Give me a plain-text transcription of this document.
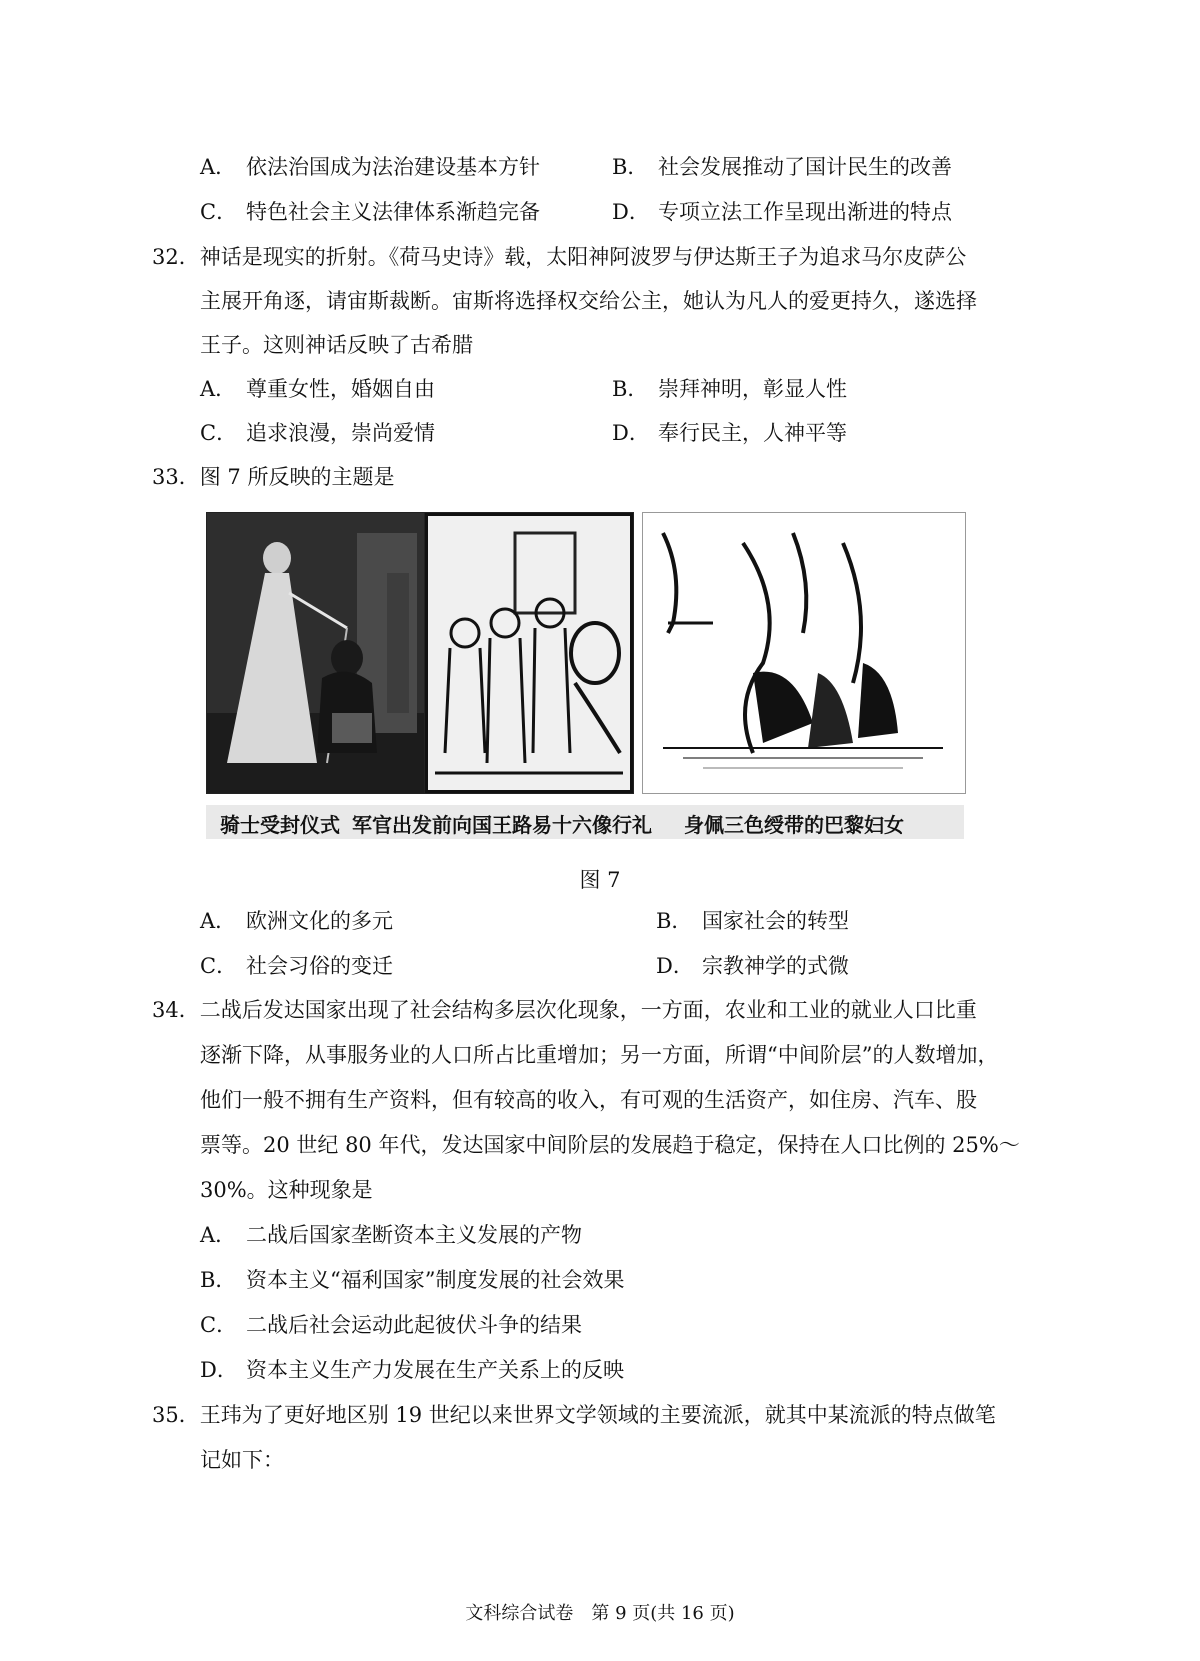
A． 依法治国成为法治建设基本方针	B． 社会发展推动了国计民生的改善
C． 特色社会主义法律体系渐趋完备	D． 专项立法工作呈现出渐进的特点
32．神话是现实的折射。《荷马史诗》载，太阳神阿波罗与伊达斯王子为追求马尔皮萨公
主展开角逐，请宙斯裁断。宙斯将选择权交给公主，她认为凡人的爱更持久，遂选择
王子。这则神话反映了古希腊
A． 尊重女性，婚姻自由	B． 崇拜神明，彰显人性
C． 追求浪漫，崇尚爱情	D． 奉行民主，人神平等
33．图 7 所反映的主题是
骑士受封仪式 军官出发前向国王路易十六像行礼 身佩三色绶带的巴黎妇女
图 7
A． 欧洲文化的多元	B． 国家社会的转型
C． 社会习俗的变迁	D． 宗教神学的式微
34．二战后发达国家出现了社会结构多层次化现象，一方面，农业和工业的就业人口比重
逐渐下降，从事服务业的人口所占比重增加；另一方面，所谓“中间阶层”的人数增加，
他们一般不拥有生产资料，但有较高的收入，有可观的生活资产，如住房、汽车、股
票等。20 世纪 80 年代，发达国家中间阶层的发展趋于稳定，保持在人口比例的 25%～
30%。这种现象是
A． 二战后国家垄断资本主义发展的产物
B． 资本主义“福利国家”制度发展的社会效果
C． 二战后社会运动此起彼伏斗争的结果
D． 资本主义生产力发展在生产关系上的反映
35．王玮为了更好地区别 19 世纪以来世界文学领域的主要流派，就其中某流派的特点做笔
记如下：
文科综合试卷　第 9 页(共 16 页)
